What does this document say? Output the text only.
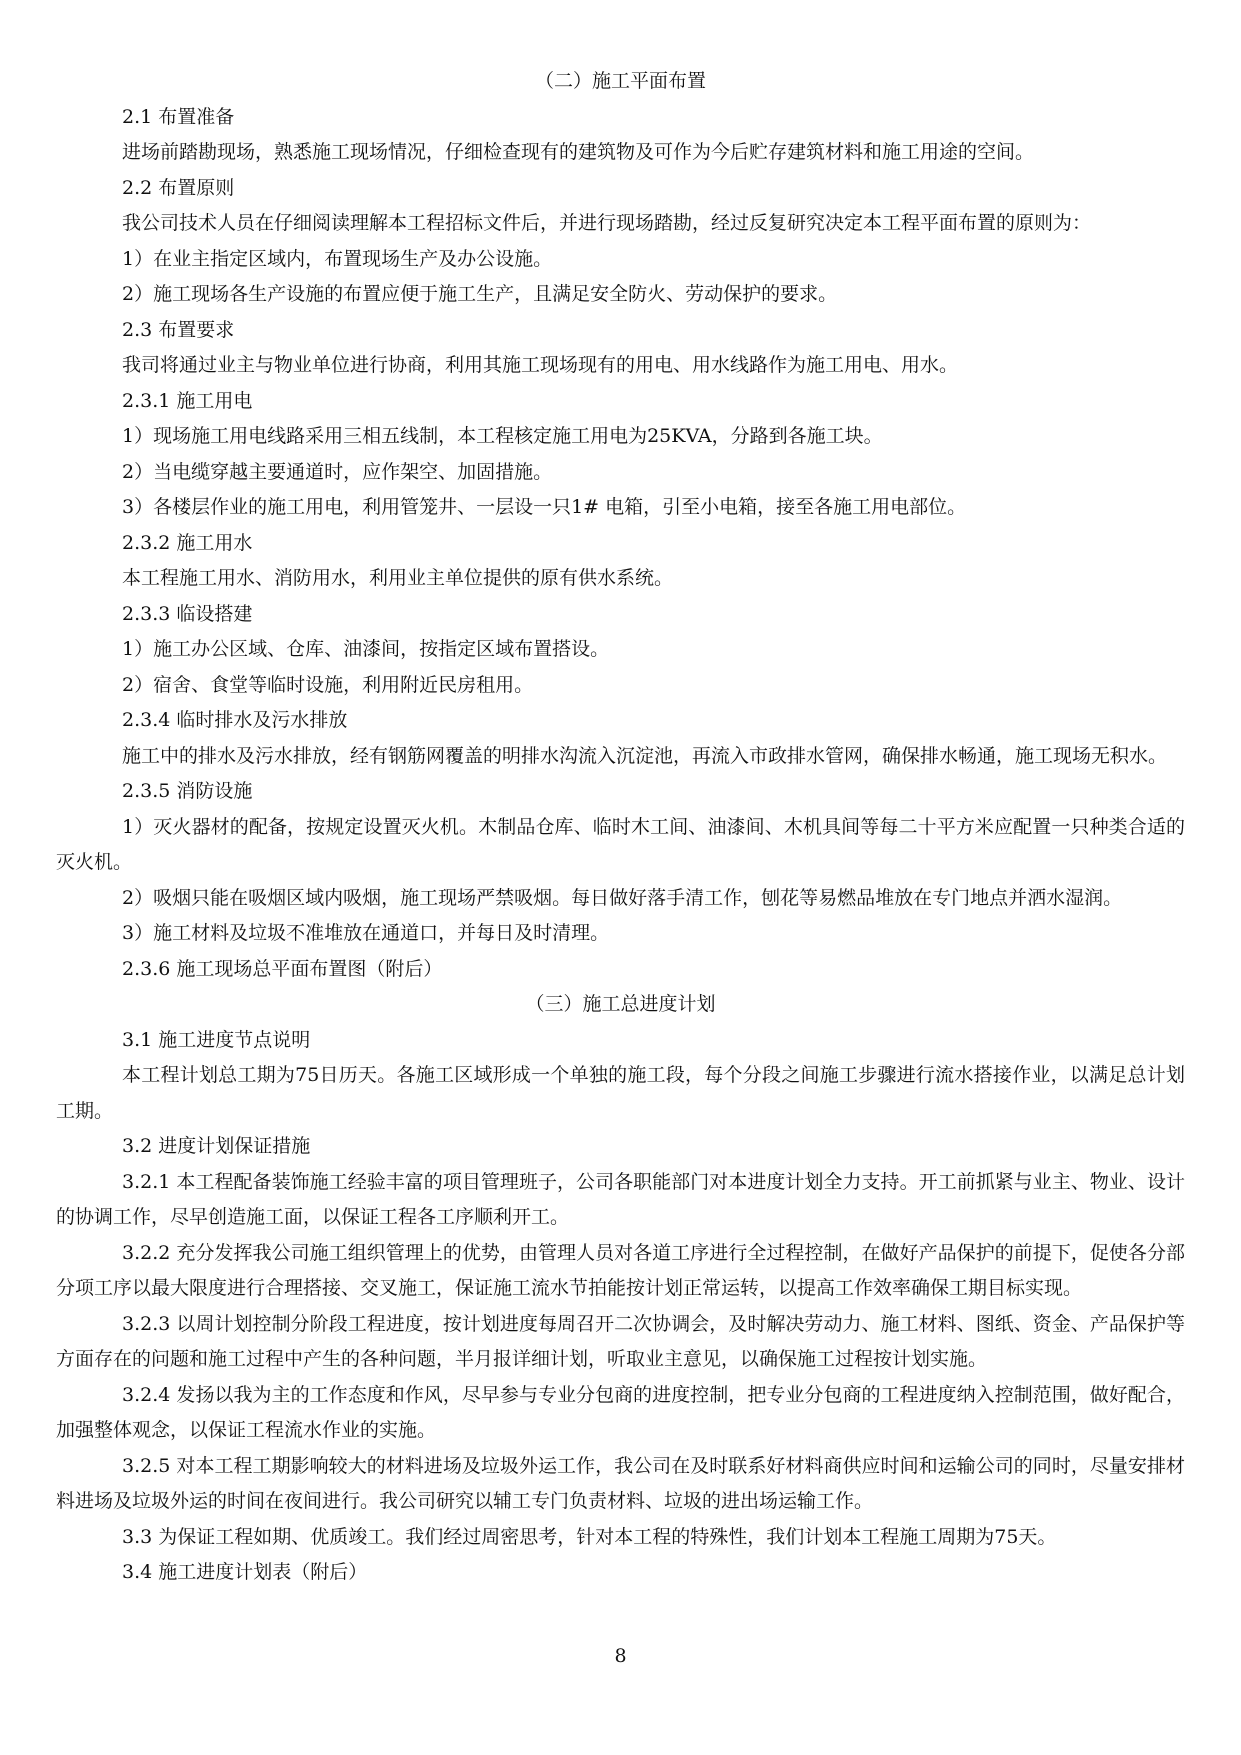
（二）施工平面布置

2.1 布置准备

进场前踏勘现场，熟悉施工现场情况，仔细检查现有的建筑物及可作为今后贮存建筑材料和施工用途的空间。

2.2 布置原则

我公司技术人员在仔细阅读理解本工程招标文件后，并进行现场踏勘，经过反复研究决定本工程平面布置的原则为：

1）在业主指定区域内，布置现场生产及办公设施。

2）施工现场各生产设施的布置应便于施工生产，且满足安全防火、劳动保护的要求。

2.3 布置要求

我司将通过业主与物业单位进行协商，利用其施工现场现有的用电、用水线路作为施工用电、用水。

2.3.1 施工用电

1）现场施工用电线路采用三相五线制，本工程核定施工用电为25KVA，分路到各施工块。

2）当电缆穿越主要通道时，应作架空、加固措施。

3）各楼层作业的施工用电，利用管笼井、一层设一只1# 电箱，引至小电箱，接至各施工用电部位。

2.3.2 施工用水

本工程施工用水、消防用水，利用业主单位提供的原有供水系统。

2.3.3 临设搭建

1）施工办公区域、仓库、油漆间，按指定区域布置搭设。

2）宿舍、食堂等临时设施，利用附近民房租用。

2.3.4 临时排水及污水排放

施工中的排水及污水排放，经有钢筋网覆盖的明排水沟流入沉淀池，再流入市政排水管网，确保排水畅通，施工现场无积水。

2.3.5 消防设施

1）灭火器材的配备，按规定设置灭火机。木制品仓库、临时木工间、油漆间、木机具间等每二十平方米应配置一只种类合适的灭火机。

2）吸烟只能在吸烟区域内吸烟，施工现场严禁吸烟。每日做好落手清工作，刨花等易燃品堆放在专门地点并洒水湿润。

3）施工材料及垃圾不准堆放在通道口，并每日及时清理。

2.3.6 施工现场总平面布置图（附后）

（三）施工总进度计划

3.1 施工进度节点说明

本工程计划总工期为75日历天。各施工区域形成一个单独的施工段，每个分段之间施工步骤进行流水搭接作业，以满足总计划工期。

3.2 进度计划保证措施

3.2.1 本工程配备装饰施工经验丰富的项目管理班子，公司各职能部门对本进度计划全力支持。开工前抓紧与业主、物业、设计的协调工作，尽早创造施工面，以保证工程各工序顺利开工。

3.2.2 充分发挥我公司施工组织管理上的优势，由管理人员对各道工序进行全过程控制，在做好产品保护的前提下，促使各分部分项工序以最大限度进行合理搭接、交叉施工，保证施工流水节拍能按计划正常运转，以提高工作效率确保工期目标实现。

3.2.3 以周计划控制分阶段工程进度，按计划进度每周召开二次协调会，及时解决劳动力、施工材料、图纸、资金、产品保护等方面存在的问题和施工过程中产生的各种问题，半月报详细计划，听取业主意见，以确保施工过程按计划实施。

3.2.4 发扬以我为主的工作态度和作风，尽早参与专业分包商的进度控制，把专业分包商的工程进度纳入控制范围，做好配合，加强整体观念，以保证工程流水作业的实施。

3.2.5 对本工程工期影响较大的材料进场及垃圾外运工作，我公司在及时联系好材料商供应时间和运输公司的同时，尽量安排材料进场及垃圾外运的时间在夜间进行。我公司研究以辅工专门负责材料、垃圾的进出场运输工作。

3.3 为保证工程如期、优质竣工。我们经过周密思考，针对本工程的特殊性，我们计划本工程施工周期为75天。

3.4 施工进度计划表（附后）

8
